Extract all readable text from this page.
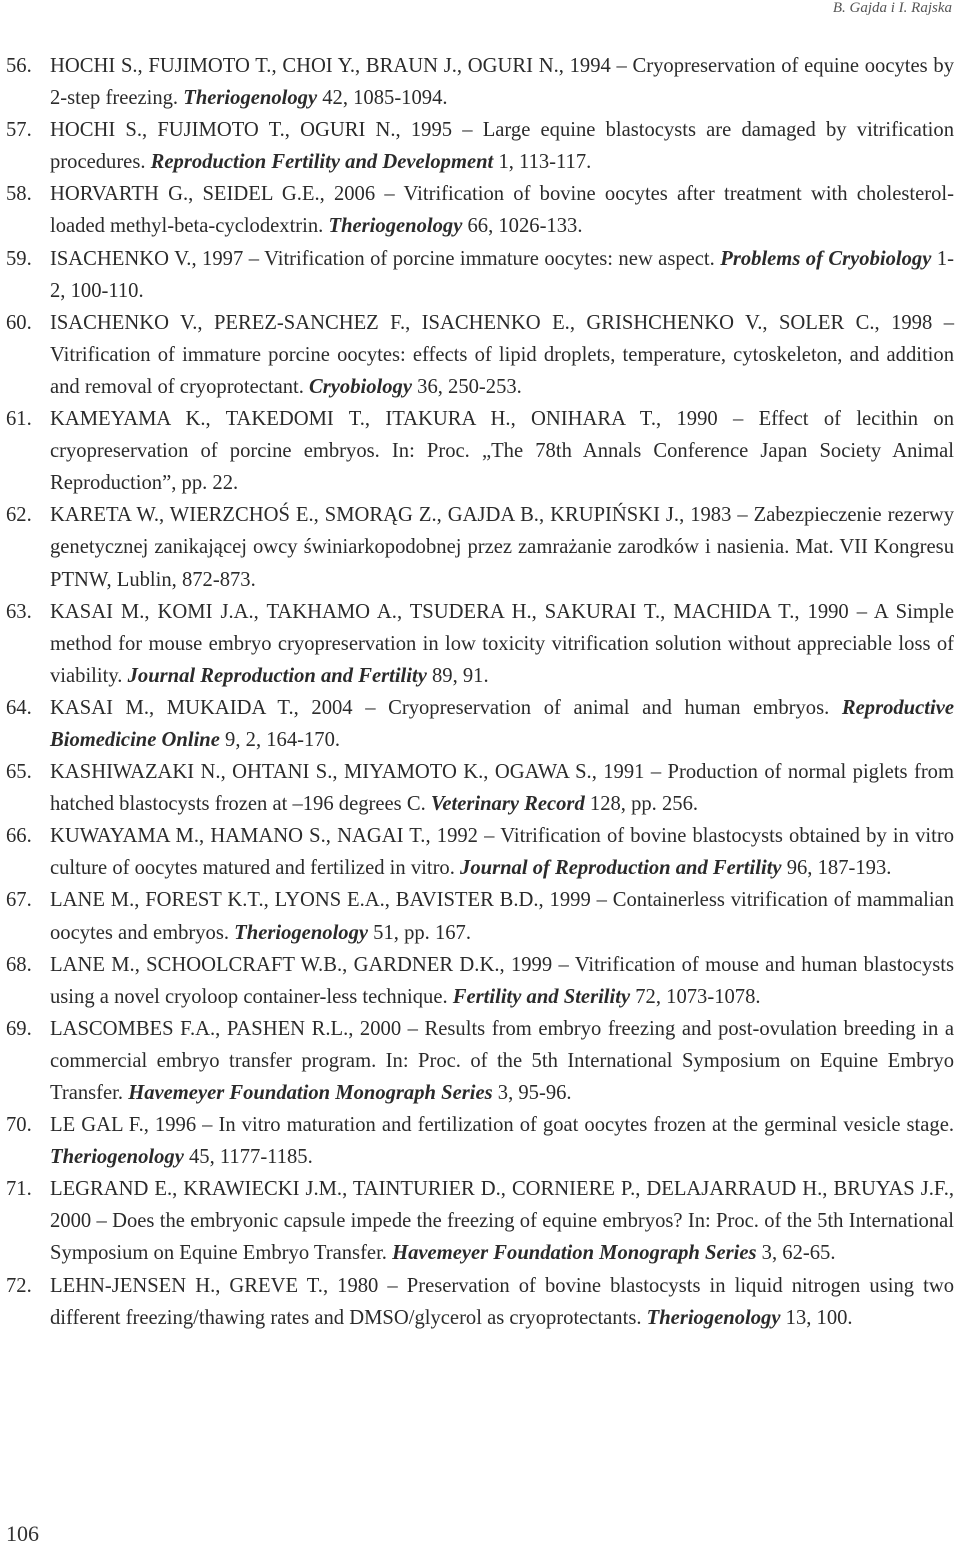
B. Gajda i I. Rajska
56. HOCHI S., FUJIMOTO T., CHOI Y., BRAUN J., OGURI N., 1994 – Cryopreservation of equine oocytes by 2-step freezing. Theriogenology 42, 1085-1094.
57. HOCHI S., FUJIMOTO T., OGURI N., 1995 – Large equine blastocysts are damaged by vitrification procedures. Reproduction Fertility and Development 1, 113-117.
58. HORVARTH G., SEIDEL G.E., 2006 – Vitrification of bovine oocytes after treatment with cholesterol-loaded methyl-beta-cyclodextrin. Theriogenology 66, 1026-133.
59. ISACHENKO V., 1997 – Vitrification of porcine immature oocytes: new aspect. Problems of Cryobiology 1-2, 100-110.
60. ISACHENKO V., PEREZ-SANCHEZ F., ISACHENKO E., GRISHCHENKO V., SOLER C., 1998 – Vitrification of immature porcine oocytes: effects of lipid droplets, temperature, cytoskeleton, and addition and removal of cryoprotectant. Cryobiology 36, 250-253.
61. KAMEYAMA K., TAKEDOMI T., ITAKURA H., ONIHARA T., 1990 – Effect of lecithin on cryopreservation of porcine embryos. In: Proc. „The 78th Annals Conference Japan Society Animal Reproduction”, pp. 22.
62. KARETA W., WIERZCHOŚ E., SMORĄG Z., GAJDA B., KRUPIŃSKI J., 1983 – Zabezpieczenie rezerwy genetycznej zanikającej owcy świniarkopodobnej przez zamrażanie zarodków i nasienia. Mat. VII Kongresu PTNW, Lublin, 872-873.
63. KASAI M., KOMI J.A., TAKHAMO A., TSUDERA H., SAKURAI T., MACHIDA T., 1990 – A Simple method for mouse embryo cryopreservation in low toxicity vitrification solution without appreciable loss of viability. Journal Reproduction and Fertility 89, 91.
64. KASAI M., MUKAIDA T., 2004 – Cryopreservation of animal and human embryos. Reproductive Biomedicine Online 9, 2, 164-170.
65. KASHIWAZAKI N., OHTANI S., MIYAMOTO K., OGAWA S., 1991 – Production of normal piglets from hatched blastocysts frozen at –196 degrees C. Veterinary Record 128, pp. 256.
66. KUWAYAMA M., HAMANO S., NAGAI T., 1992 – Vitrification of bovine blastocysts obtained by in vitro culture of oocytes matured and fertilized in vitro. Journal of Reproduction and Fertility 96, 187-193.
67. LANE M., FOREST K.T., LYONS E.A., BAVISTER B.D., 1999 – Containerless vitrification of mammalian oocytes and embryos. Theriogenology 51, pp. 167.
68. LANE M., SCHOOLCRAFT W.B., GARDNER D.K., 1999 – Vitrification of mouse and human blastocysts using a novel cryoloop container-less technique. Fertility and Sterility 72, 1073-1078.
69. LASCOMBES F.A., PASHEN R.L., 2000 – Results from embryo freezing and post-ovulation breeding in a commercial embryo transfer program. In: Proc. of the 5th International Symposium on Equine Embryo Transfer. Havemeyer Foundation Monograph Series 3, 95-96.
70. LE GAL F., 1996 – In vitro maturation and fertilization of goat oocytes frozen at the germinal vesicle stage. Theriogenology 45, 1177-1185.
71. LEGRAND E., KRAWIECKI J.M., TAINTURIER D., CORNIERE P., DELAJARRAUD H., BRUYAS J.F., 2000 – Does the embryonic capsule impede the freezing of equine embryos? In: Proc. of the 5th International Symposium on Equine Embryo Transfer. Havemeyer Foundation Monograph Series 3, 62-65.
72. LEHN-JENSEN H., GREVE T., 1980 – Preservation of bovine blastocysts in liquid nitrogen using two different freezing/thawing rates and DMSO/glycerol as cryoprotectants. Theriogenology 13, 100.
106
